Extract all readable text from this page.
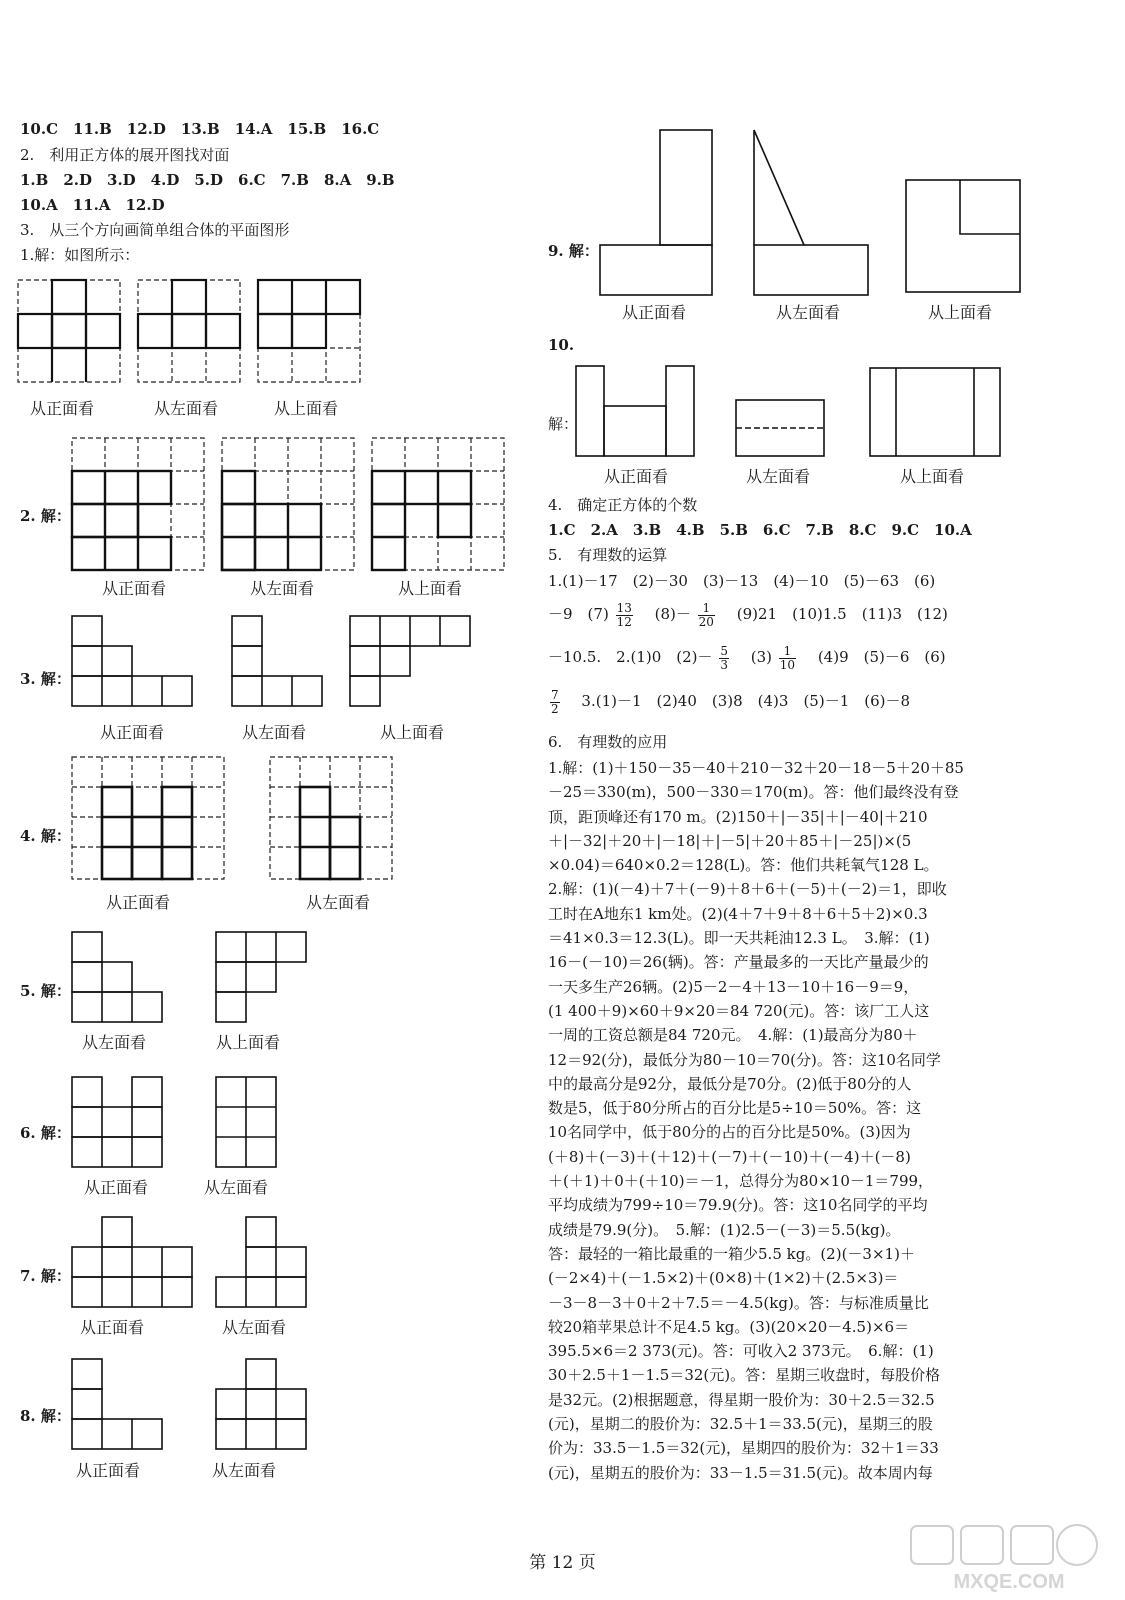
10.C　11.B　12.D　13.B　14.A　15.B　16.C
2.　利用正方体的展开图找对面
1.B　2.D　3.D　4.D　5.D　6.C　7.B　8.A　9.B
10.A　11.A　12.D
3.　从三个方向画简单组合体的平面图形
1.解：如图所示：
从正面看	从左面看	从上面看
2. 解：
从正面看	从左面看	从上面看
3. 解：
从正面看	从左面看	从上面看
4. 解：
从正面看	从左面看
5. 解：
从左面看	从上面看
6. 解：
从正面看	从左面看
7. 解：
从正面看	从左面看
8. 解：
从正面看	从左面看
9. 解：
从正面看	从左面看	从上面看
10.
解：
从正面看	从左面看	从上面看
4.　确定正方体的个数
1.C　2.A　3.B　4.B　5.B　6.C　7.B　8.C　9.C　10.A
5.　有理数的运算
1.(1)－17　(2)－30　(3)－13　(4)－10　(5)－63　(6)
－9　$(7) \frac{13}{12}$ 　$(8)- \frac{1}{20}$ 　(9)21　(10)1.5　(11)3　(12)
－10.5.　2.(1)0　$(2)- \frac{5}{3}$ 　$(3) \frac{1}{10}$ 　(4)9　(5)－6　(6)
$\frac{7}{2}$ 　3.(1)－1　(2)40　(3)8　(4)3　(5)－1　(6)－8
6.　有理数的应用
1.解：(1)＋150－35－40＋210－32＋20－18－5＋20＋85
－25＝330(m)，500－330＝170(m)。答：他们最终没有登
顶，距顶峰还有170 m。(2)150＋|－35|＋|－40|＋210
＋|－32|＋20＋|－18|＋|－5|＋20＋85＋|－25|)×(5
×0.04)＝640×0.2＝128(L)。答：他们共耗氧气128 L。
2.解：(1)(－4)＋7＋(－9)＋8＋6＋(－5)＋(－2)＝1，即收
工时在A地东1 km处。(2)(4＋7＋9＋8＋6＋5＋2)×0.3
＝41×0.3＝12.3(L)。即一天共耗油12.3 L。　3.解：(1)
16－(－10)＝26(辆)。答：产量最多的一天比产量最少的
一天多生产26辆。(2)5－2－4＋13－10＋16－9＝9，
(1 400＋9)×60＋9×20＝84 720(元)。答：该厂工人这
一周的工资总额是84 720元。　4.解：(1)最高分为80＋
12＝92(分)，最低分为80－10＝70(分)。答：这10名同学
中的最高分是92分，最低分是70分。(2)低于80分的人
数是5，低于80分所占的百分比是5÷10＝50%。答：这
10名同学中，低于80分的占的百分比是50%。(3)因为
(＋8)＋(－3)＋(＋12)＋(－7)＋(－10)＋(－4)＋(－8)
＋(＋1)＋0＋(＋10)＝－1，总得分为80×10－1＝799，
平均成绩为799÷10＝79.9(分)。答：这10名同学的平均
成绩是79.9(分)。　5.解：(1)2.5－(－3)＝5.5(kg)。
答：最轻的一箱比最重的一箱少5.5 kg。(2)(－3×1)＋
(－2×4)＋(－1.5×2)＋(0×8)＋(1×2)＋(2.5×3)＝
－3－8－3＋0＋2＋7.5＝－4.5(kg)。答：与标准质量比
较20箱苹果总计不足4.5 kg。(3)(20×20－4.5)×6＝
395.5×6＝2 373(元)。答：可收入2 373元。　6.解：(1)
30＋2.5＋1－1.5＝32(元)。答：星期三收盘时，每股价格
是32元。(2)根据题意，得星期一股价为：30＋2.5＝32.5
(元)，星期二的股价为：32.5＋1＝33.5(元)，星期三的股
价为：33.5－1.5＝32(元)，星期四的股价为：32＋1＝33
(元)，星期五的股价为：33－1.5＝31.5(元)。故本周内每
第 12 页
MXQE.COM
